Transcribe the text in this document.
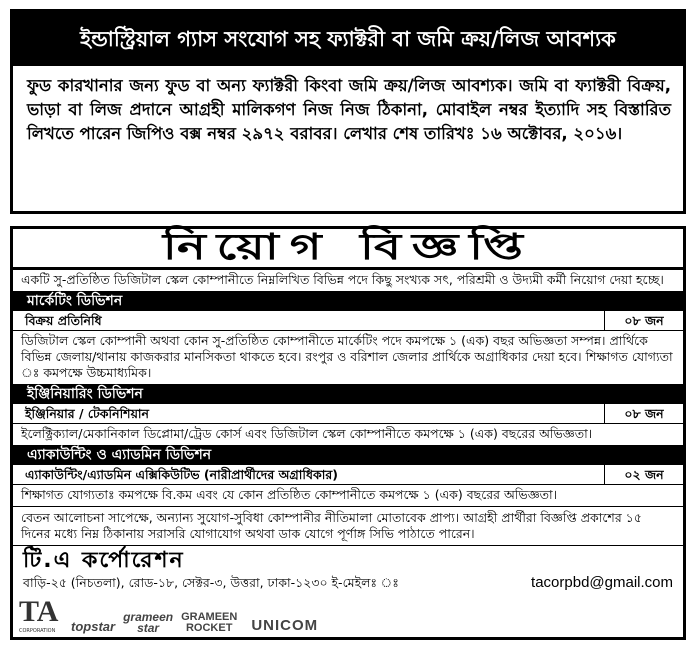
ইন্ডাস্ট্রিয়াল গ্যাস সংযোগ সহ ফ্যাক্টরী বা জমি ক্রয়/লিজ আবশ্যক
ফুড কারখানার জন্য ফুড বা অন্য ফ্যাক্টরী কিংবা জমি ক্রয়/লিজ আবশ্যক। জমি বা ফ্যাক্টরী বিক্রয়, ভাড়া বা লিজ প্রদানে আগ্রহী মালিকগণ নিজ নিজ ঠিকানা, মোবাইল নম্বর ইত্যাদি সহ বিস্তারিত লিখতে পারেন জিপিও বক্স নম্বর ২৯৭২ বরাবর। লেখার শেষ তারিখঃ ১৬ অক্টোবর, ২০১৬।
নিয়োগ বিজ্ঞপ্তি
একটি সু-প্রতিষ্ঠিত ডিজিটাল স্কেল কোম্পানীতে নিম্নলিখিত বিভিন্ন পদে কিছু সংখ্যক সৎ, পরিশ্রমী ও উদ্যমী কর্মী নিয়োগ দেয়া হচ্ছে।
মার্কেটিং ডিভিশন
বিক্রয় প্রতিনিধি	০৮ জন
ডিজিটাল স্কেল কোম্পানী অথবা কোন সু-প্রতিষ্ঠিত কোম্পানীতে মার্কেটিং পদে কমপক্ষে ১ (এক) বছর অভিজ্ঞতা সম্পন্ন। প্রার্থিকে বিভিন্ন জেলায়/থানায় কাজকরার মানসিকতা থাকতে হবে। রংপুর ও বরিশাল জেলার প্রার্থিকে অগ্রাধিকার দেয়া হবে। শিক্ষাগত যোগ্যতা ঃ কমপক্ষে উচ্চমাধ্যমিক।
ইঞ্জিনিয়ারিং ডিভিশন
ইঞ্জিনিয়ার / টেকনিশিয়ান	০৮ জন
ইলেক্ট্রিক্যাল/মেকানিকাল ডিপ্লোমা/ট্রেড কোর্স এবং ডিজিটাল স্কেল কোম্পানীতে কমপক্ষে ১ (এক) বছরের অভিজ্ঞতা।
এ্যাকাউন্টিং ও এ্যাডমিন ডিভিশন
এ্যাকাউন্টিং/এ্যাডমিন এক্সিকিউটিভ (নারীপ্রার্থীদের অগ্রাধিকার)	০২ জন
শিক্ষাগত যোগ্যতাঃ কমপক্ষে বি.কম এবং যে কোন প্রতিষ্ঠিত কোম্পানীতে কমপক্ষে ১ (এক) বছরের অভিজ্ঞতা।
বেতন আলোচনা সাপেক্ষে, অন্যান্য সুযোগ-সুবিধা কোম্পানীর নীতিমালা মোতাবেক প্রাপ্য। আগ্রহী প্রার্থীরা বিজ্ঞপ্তি প্রকাশের ১৫ দিনের মধ্যে নিম্ন ঠিকানায় সরাসরি যোগাযোগ অথবা ডাক যোগে পূর্ণাঙ্গ সিভি পাঠাতে পারেন।
টি.এ কর্পোরেশন
বাড়ি-২৫ (নিচতলা), রোড-১৮, সেক্টর-৩, উত্তরা, ঢাকা-১২৩০ ই-মেইলঃ ঃ	tacorpbd@gmail.com
TA
CORPORATION topstar
grameen
star
GRAMEEN
ROCKET	UNICOM
